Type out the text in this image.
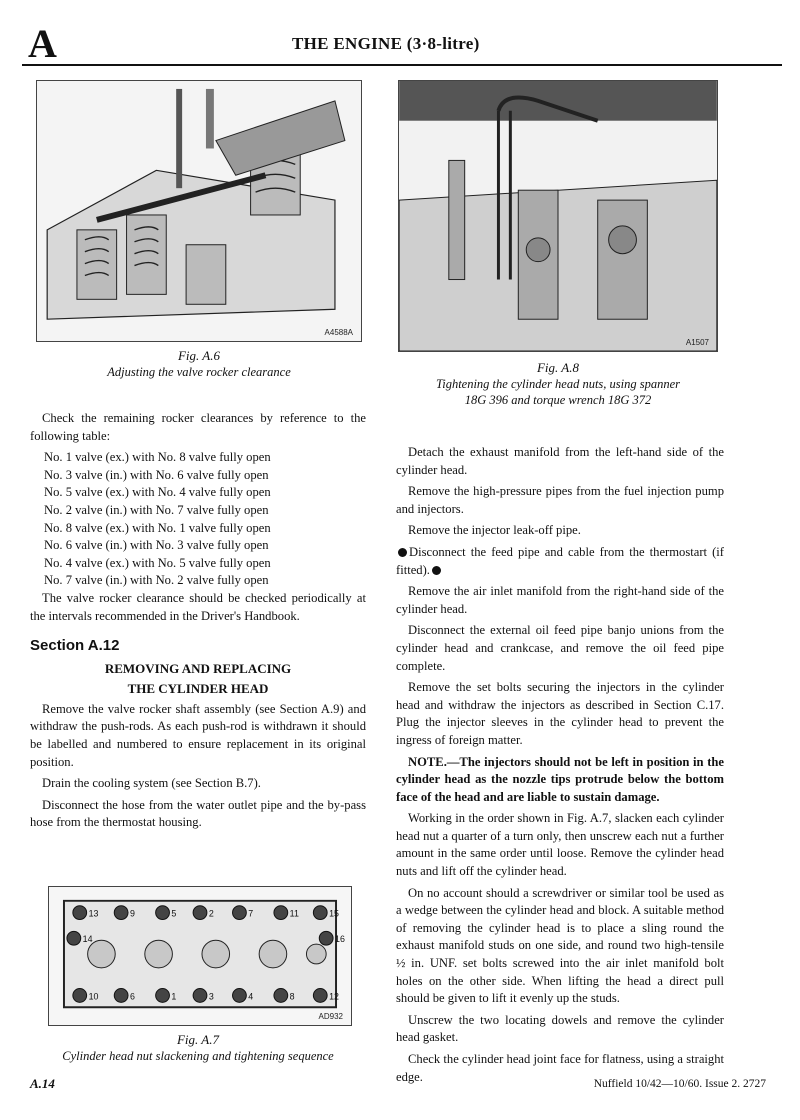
A	THE ENGINE (3·8-litre)
A4588A
Fig. A.6
Adjusting the valve rocker clearance
A1507
Fig. A.8
Tightening the cylinder head nuts, using spanner
18G 396 and torque wrench 18G 372

Check the remaining rocker clearances by reference to the following table:

No. 1 valve (ex.) with No. 8 valve fully open
No. 3 valve (in.) with No. 6 valve fully open
No. 5 valve (ex.) with No. 4 valve fully open
No. 2 valve (in.) with No. 7 valve fully open
No. 8 valve (ex.) with No. 1 valve fully open
No. 6 valve (in.) with No. 3 valve fully open
No. 4 valve (ex.) with No. 5 valve fully open
No. 7 valve (in.) with No. 2 valve fully open

The valve rocker clearance should be checked periodically at the intervals recommended in the Driver's Handbook.

Section A.12
REMOVING AND REPLACING
THE CYLINDER HEAD

Remove the valve rocker shaft assembly (see Section A.9) and withdraw the push-rods. As each push-rod is withdrawn it should be labelled and numbered to ensure replacement in its original position.

Drain the cooling system (see Section B.7).

Disconnect the hose from the water outlet pipe and the by-pass hose from the thermostat housing.

13	9	5	2	7	11	15
14
10	6	1	3	4	8	12
16
AD932
Fig. A.7
Cylinder head nut slackening and tightening sequence

Detach the exhaust manifold from the left-hand side of the cylinder head.

Remove the high-pressure pipes from the fuel injection pump and injectors.

Remove the injector leak-off pipe.

Disconnect the feed pipe and cable from the thermostart (if fitted).

Remove the air inlet manifold from the right-hand side of the cylinder head.

Disconnect the external oil feed pipe banjo unions from the cylinder head and crankcase, and remove the oil feed pipe complete.

Remove the set bolts securing the injectors in the cylinder head and withdraw the injectors as described in Section C.17. Plug the injector sleeves in the cylinder head to prevent the ingress of foreign matter.

NOTE.—The injectors should not be left in position in the cylinder head as the nozzle tips protrude below the bottom face of the head and are liable to sustain damage.

Working in the order shown in Fig. A.7, slacken each cylinder head nut a quarter of a turn only, then unscrew each nut a further amount in the same order until loose. Remove the cylinder head nuts and lift off the cylinder head.

On no account should a screwdriver or similar tool be used as a wedge between the cylinder head and block. A suitable method of removing the cylinder head is to place a sling round the exhaust manifold studs on one side, and round two high-tensile ½ in. UNF. set bolts screwed into the air inlet manifold bolt holes on the other side. When lifting the head a direct pull should be given to lift it evenly up the studs.

Unscrew the two locating dowels and remove the cylinder head gasket.

Check the cylinder head joint face for flatness, using a straight edge.

A.14	Nuffield 10/42—10/60. Issue 2. 2727
